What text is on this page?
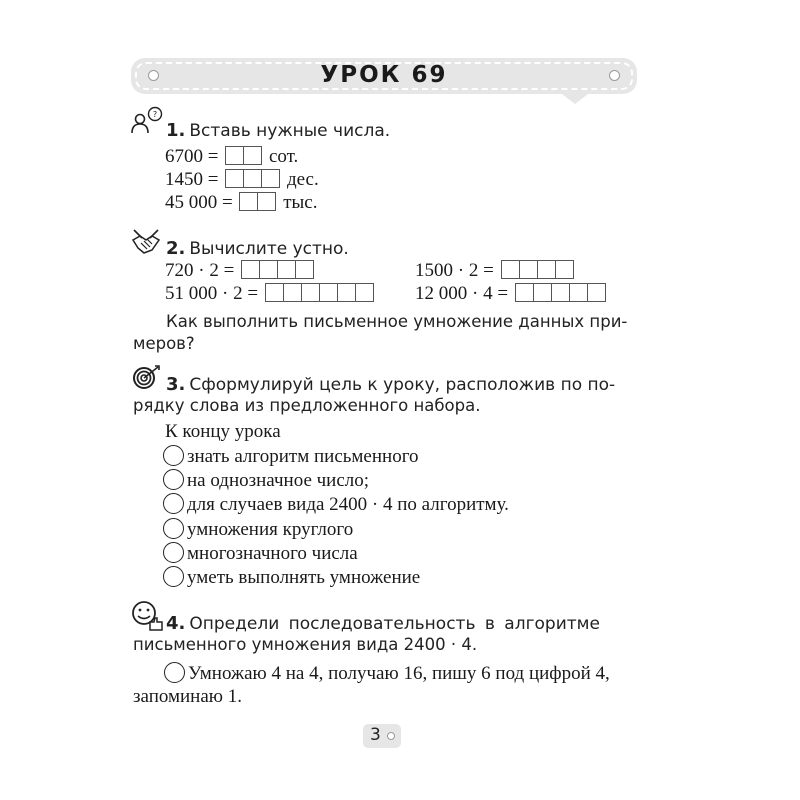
УРОК 69
?
1. Вставь нужные числа.
6700 =	сот.
1450 =	дес.
45 000 =	тыс.
2. Вычислите устно.
720 · 2 =	1500 · 2 =
51 000 · 2 =	12 000 · 4 =
Как выполнить письменное умножение данных при-
меров?
3. Сформулируй цель к уроку, расположив по по-
рядку слова из предложенного набора.
К концу урока
знать алгоритм письменного
на однозначное число;
для случаев вида 2400 · 4 по алгоритму.
умножения круглого
многозначного числа
уметь выполнять умножение
4. Определи последовательность в алгоритме
письменного умножения вида 2400 · 4.
Умножаю 4 на 4, получаю 16, пишу 6 под цифрой 4,
запоминаю 1.
3
